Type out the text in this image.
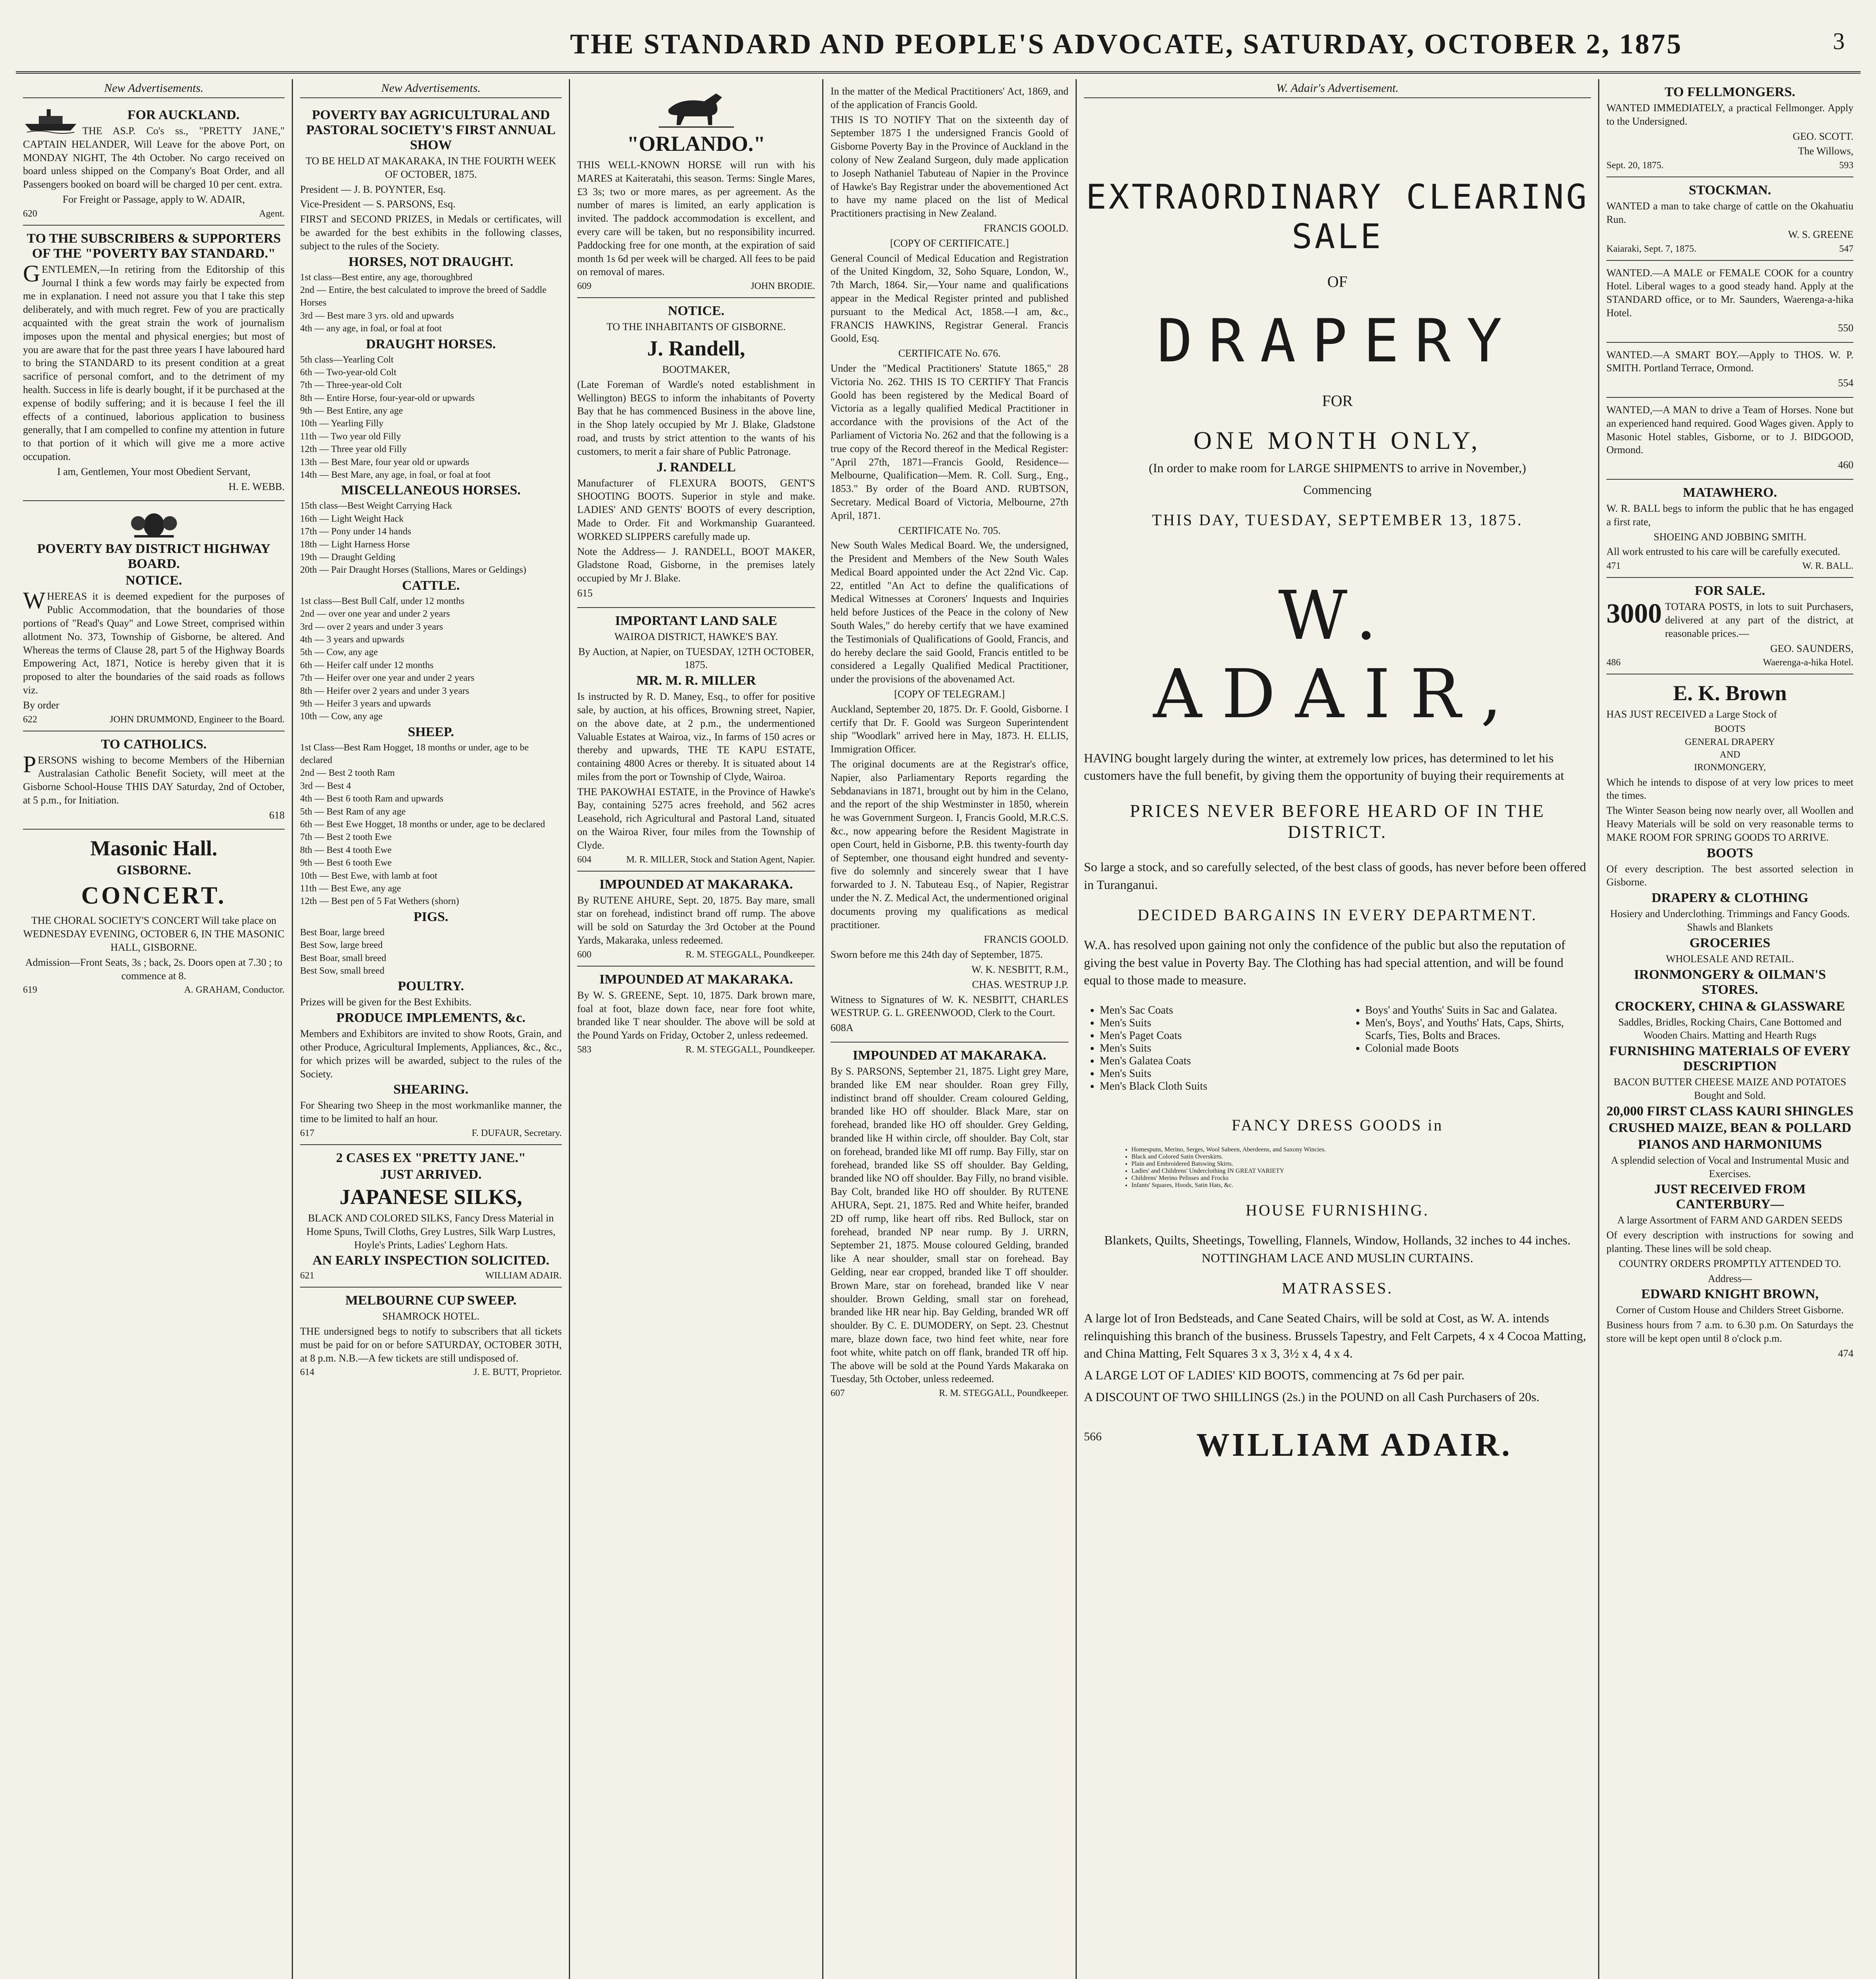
THE STANDARD AND PEOPLE'S ADVOCATE, SATURDAY, OCTOBER 2, 1875	3
New Advertisements.
FOR AUCKLAND.

THE AS.P. Co's ss., "PRETTY JANE," CAPTAIN HELANDER, Will Leave for the above Port, on MONDAY NIGHT, The 4th October. No cargo received on board unless shipped on the Company's Boat Order, and all Passengers booked on board will be charged 10 per cent. extra.

For Freight or Passage, apply to W. ADAIR,

620	Agent.
TO THE SUBSCRIBERS & SUPPORTERS OF THE "POVERTY BAY STANDARD."

GENTLEMEN,—In retiring from the Editorship of this Journal I think a few words may fairly be expected from me in explanation. I need not assure you that I take this step deliberately, and with much regret. Few of you are practically acquainted with the great strain the work of journalism imposes upon the mental and physical energies; but most of you are aware that for the past three years I have laboured hard to bring the STANDARD to its present condition at a great sacrifice of personal comfort, and to the detriment of my health. Success in life is dearly bought, if it be purchased at the expense of bodily suffering; and it is because I feel the ill effects of a continued, laborious application to business generally, that I am compelled to confine my attention in future to that portion of it which will give me a more active occupation.

I am, Gentlemen, Your most Obedient Servant,

H. E. WEBB.

POVERTY BAY DISTRICT HIGHWAY BOARD.
NOTICE.

WHEREAS it is deemed expedient for the purposes of Public Accommodation, that the boundaries of those portions of "Read's Quay" and Lowe Street, comprised within allotment No. 373, Township of Gisborne, be altered. And Whereas the terms of Clause 28, part 5 of the Highway Boards Empowering Act, 1871, Notice is hereby given that it is proposed to alter the boundaries of the said roads as follows viz.

By order

622	JOHN DRUMMOND, Engineer to the Board.
TO CATHOLICS.

PERSONS wishing to become Members of the Hibernian Australasian Catholic Benefit Society, will meet at the Gisborne School-House THIS DAY Saturday, 2nd of October, at 5 p.m., for Initiation.

618

Masonic Hall.
GISBORNE.
CONCERT.

THE CHORAL SOCIETY'S CONCERT Will take place on WEDNESDAY EVENING, OCTOBER 6, IN THE MASONIC HALL, GISBORNE.

Admission—Front Seats, 3s ; back, 2s. Doors open at 7.30 ; to commence at 8.

619	A. GRAHAM, Conductor.
New Advertisements.
POVERTY BAY AGRICULTURAL AND PASTORAL SOCIETY'S FIRST ANNUAL SHOW

TO BE HELD AT MAKARAKA, IN THE FOURTH WEEK OF OCTOBER, 1875.

President — J. B. POYNTER, Esq.

Vice-President — S. PARSONS, Esq.

FIRST and SECOND PRIZES, in Medals or certificates, will be awarded for the best exhibits in the following classes, subject to the rules of the Society.

HORSES, NOT DRAUGHT.
1st class—Best entire, any age, thoroughbred
2nd — Entire, the best calculated to improve the breed of Saddle Horses
3rd — Best mare 3 yrs. old and upwards
4th — any age, in foal, or foal at foot
DRAUGHT HORSES.
5th class—Yearling Colt
6th — Two-year-old Colt
7th — Three-year-old Colt
8th — Entire Horse, four-year-old or upwards
9th — Best Entire, any age
10th — Yearling Filly
11th — Two year old Filly
12th — Three year old Filly
13th — Best Mare, four year old or upwards
14th — Best Mare, any age, in foal, or foal at foot
MISCELLANEOUS HORSES.
15th class—Best Weight Carrying Hack
16th — Light Weight Hack
17th — Pony under 14 hands
18th — Light Harness Horse
19th — Draught Gelding
20th — Pair Draught Horses (Stallions, Mares or Geldings)
CATTLE.
1st class—Best Bull Calf, under 12 months
2nd — over one year and under 2 years
3rd — over 2 years and under 3 years
4th — 3 years and upwards
5th — Cow, any age
6th — Heifer calf under 12 months
7th — Heifer over one year and under 2 years
8th — Heifer over 2 years and under 3 years
9th — Heifer 3 years and upwards
10th — Cow, any age
SHEEP.
1st Class—Best Ram Hogget, 18 months or under, age to be declared
2nd — Best 2 tooth Ram
3rd — Best 4
4th — Best 6 tooth Ram and upwards
5th — Best Ram of any age
6th — Best Ewe Hogget, 18 months or under, age to be declared
7th — Best 2 tooth Ewe
8th — Best 4 tooth Ewe
9th — Best 6 tooth Ewe
10th — Best Ewe, with lamb at foot
11th — Best Ewe, any age
12th — Best pen of 5 Fat Wethers (shorn)
PIGS.
Best Boar, large breed
Best Sow, large breed
Best Boar, small breed
Best Sow, small breed
POULTRY.

Prizes will be given for the Best Exhibits.

PRODUCE IMPLEMENTS, &c.

Members and Exhibitors are invited to show Roots, Grain, and other Produce, Agricultural Implements, Appliances, &c., &c., for which prizes will be awarded, subject to the rules of the Society.

SHEARING.

For Shearing two Sheep in the most workmanlike manner, the time to be limited to half an hour.

617	F. DUFAUR, Secretary.
2 CASES EX "PRETTY JANE."
JUST ARRIVED.
JAPANESE SILKS,

BLACK AND COLORED SILKS, Fancy Dress Material in Home Spuns, Twill Cloths, Grey Lustres, Silk Warp Lustres, Hoyle's Prints, Ladies' Leghorn Hats.

AN EARLY INSPECTION SOLICITED.
621	WILLIAM ADAIR.
MELBOURNE CUP SWEEP.

SHAMROCK HOTEL.

THE undersigned begs to notify to subscribers that all tickets must be paid for on or before SATURDAY, OCTOBER 30TH, at 8 p.m. N.B.—A few tickets are still undisposed of.

614	J. E. BUTT, Proprietor.
"ORLANDO."

THIS WELL-KNOWN HORSE will run with his MARES at Kaiteratahi, this season. Terms: Single Mares, £3 3s; two or more mares, as per agreement. As the number of mares is limited, an early application is invited. The paddock accommodation is excellent, and every care will be taken, but no responsibility incurred. Paddocking free for one month, at the expiration of said month 1s 6d per week will be charged. All fees to be paid on removal of mares.

609	JOHN BRODIE.
NOTICE.

TO THE INHABITANTS OF GISBORNE.

J. Randell,

BOOTMAKER,

(Late Foreman of Wardle's noted establishment in Wellington) BEGS to inform the inhabitants of Poverty Bay that he has commenced Business in the above line, in the Shop lately occupied by Mr J. Blake, Gladstone road, and trusts by strict attention to the wants of his customers, to merit a fair share of Public Patronage.

J. RANDELL

Manufacturer of FLEXURA BOOTS, GENT'S SHOOTING BOOTS. Superior in style and make. LADIES' AND GENTS' BOOTS of every description, Made to Order. Fit and Workmanship Guaranteed. WORKED SLIPPERS carefully made up.

Note the Address— J. RANDELL, BOOT MAKER, Gladstone Road, Gisborne, in the premises lately occupied by Mr J. Blake.

615

IMPORTANT LAND SALE

WAIROA DISTRICT, HAWKE'S BAY.

By Auction, at Napier, on TUESDAY, 12TH OCTOBER, 1875.

MR. M. R. MILLER

Is instructed by R. D. Maney, Esq., to offer for positive sale, by auction, at his offices, Browning street, Napier, on the above date, at 2 p.m., the undermentioned Valuable Estates at Wairoa, viz., In farms of 150 acres or thereby and upwards, THE TE KAPU ESTATE, containing 4800 Acres or thereby. It is situated about 14 miles from the port or Township of Clyde, Wairoa.

THE PAKOWHAI ESTATE, in the Province of Hawke's Bay, containing 5275 acres freehold, and 562 acres Leasehold, rich Agricultural and Pastoral Land, situated on the Wairoa River, four miles from the Township of Clyde.

604	M. R. MILLER, Stock and Station Agent, Napier.
IMPOUNDED AT MAKARAKA.

By RUTENE AHURE, Sept. 20, 1875. Bay mare, small star on forehead, indistinct brand off rump. The above will be sold on Saturday the 3rd October at the Pound Yards, Makaraka, unless redeemed.

600	R. M. STEGGALL, Poundkeeper.
IMPOUNDED AT MAKARAKA.

By W. S. GREENE, Sept. 10, 1875. Dark brown mare, foal at foot, blaze down face, near fore foot white, branded like T near shoulder. The above will be sold at the Pound Yards on Friday, October 2, unless redeemed.

583	R. M. STEGGALL, Poundkeeper.

In the matter of the Medical Practitioners' Act, 1869, and of the application of Francis Goold.

THIS IS TO NOTIFY That on the sixteenth day of September 1875 I the undersigned Francis Goold of Gisborne Poverty Bay in the Province of Auckland in the colony of New Zealand Surgeon, duly made application to Joseph Nathaniel Tabuteau of Napier in the Province of Hawke's Bay Registrar under the abovementioned Act to have my name placed on the list of Medical Practitioners practising in New Zealand.

FRANCIS GOOLD.

[COPY OF CERTIFICATE.]

General Council of Medical Education and Registration of the United Kingdom, 32, Soho Square, London, W., 7th March, 1864. Sir,—Your name and qualifications appear in the Medical Register printed and published pursuant to the Medical Act, 1858.—I am, &c., FRANCIS HAWKINS, Registrar General. Francis Goold, Esq.

CERTIFICATE No. 676.

Under the "Medical Practitioners' Statute 1865," 28 Victoria No. 262. THIS IS TO CERTIFY That Francis Goold has been registered by the Medical Board of Victoria as a legally qualified Medical Practitioner in accordance with the provisions of the Act of the Parliament of Victoria No. 262 and that the following is a true copy of the Record thereof in the Medical Register: "April 27th, 1871—Francis Goold, Residence—Melbourne, Qualification—Mem. R. Coll. Surg., Eng., 1853." By order of the Board AND. RUBTSON, Secretary. Medical Board of Victoria, Melbourne, 27th April, 1871.

CERTIFICATE No. 705.

New South Wales Medical Board. We, the undersigned, the President and Members of the New South Wales Medical Board appointed under the Act 22nd Vic. Cap. 22, entitled "An Act to define the qualifications of Medical Witnesses at Coroners' Inquests and Inquiries held before Justices of the Peace in the colony of New South Wales," do hereby certify that we have examined the Testimonials of Qualifications of Goold, Francis, and do hereby declare the said Goold, Francis entitled to be considered a Legally Qualified Medical Practitioner, under the provisions of the abovenamed Act.

[COPY OF TELEGRAM.]

Auckland, September 20, 1875. Dr. F. Goold, Gisborne. I certify that Dr. F. Goold was Surgeon Superintendent ship "Woodlark" arrived here in May, 1873. H. ELLIS, Immigration Officer.

The original documents are at the Registrar's office, Napier, also Parliamentary Reports regarding the Sebdanavians in 1871, brought out by him in the Celano, and the report of the ship Westminster in 1850, wherein he was Government Surgeon. I, Francis Goold, M.R.C.S. &c., now appearing before the Resident Magistrate in open Court, held in Gisborne, P.B. this twenty-fourth day of September, one thousand eight hundred and seventy-five do solemnly and sincerely swear that I have forwarded to J. N. Tabuteau Esq., of Napier, Registrar under the N. Z. Medical Act, the undermentioned original documents proving my qualifications as medical practitioner.

FRANCIS GOOLD.

Sworn before me this 24th day of September, 1875.

W. K. NESBITT, R.M.,

CHAS. WESTRUP J.P.

Witness to Signatures of W. K. NESBITT, CHARLES WESTRUP. G. L. GREENWOOD, Clerk to the Court.

608A

IMPOUNDED AT MAKARAKA.

By S. PARSONS, September 21, 1875. Light grey Mare, branded like EM near shoulder. Roan grey Filly, indistinct brand off shoulder. Cream coloured Gelding, branded like HO off shoulder. Black Mare, star on forehead, branded like HO off shoulder. Grey Gelding, branded like H within circle, off shoulder. Bay Colt, star on forehead, branded like MI off rump. Bay Filly, star on forehead, branded like SS off shoulder. Bay Gelding, branded like NO off shoulder. Bay Filly, no brand visible. Bay Colt, branded like HO off shoulder. By RUTENE AHURA, Sept. 21, 1875. Red and White heifer, branded 2D off rump, like heart off ribs. Red Bullock, star on forehead, branded NP near rump. By J. URRN, September 21, 1875. Mouse coloured Gelding, branded like A near shoulder, small star on forehead. Bay Gelding, near ear cropped, branded like T off shoulder. Brown Mare, star on forehead, branded like V near shoulder. Brown Gelding, small star on forehead, branded like HR near hip. Bay Gelding, branded WR off shoulder. By C. E. DUMODERY, on Sept. 23. Chestnut mare, blaze down face, two hind feet white, near fore foot white, white patch on off flank, branded TR off hip. The above will be sold at the Pound Yards Makaraka on Tuesday, 5th October, unless redeemed.

607	R. M. STEGGALL, Poundkeeper.
W. Adair's Advertisement.
EXTRAORDINARY CLEARING SALE
OF
DRAPERY
FOR
ONE MONTH ONLY,

(In order to make room for LARGE SHIPMENTS to arrive in November,)

Commencing

THIS DAY, TUESDAY, SEPTEMBER 13, 1875.
W. ADAIR,

HAVING bought largely during the winter, at extremely low prices, has determined to let his customers have the full benefit, by giving them the opportunity of buying their requirements at

PRICES NEVER BEFORE HEARD OF IN THE DISTRICT.

So large a stock, and so carefully selected, of the best class of goods, has never before been offered in Turanganui.

DECIDED BARGAINS IN EVERY DEPARTMENT.

W.A. has resolved upon gaining not only the confidence of the public but also the reputation of giving the best value in Poverty Bay. The Clothing has had special attention, and will be found equal to those made to measure.

• Men's Sac Coats
• Men's Suits
• Men's Paget Coats
• Men's Suits
• Men's Galatea Coats
• Men's Suits
• Men's Black Cloth Suits
• Boys' and Youths' Suits in Sac and Galatea.
• Men's, Boys', and Youths' Hats, Caps, Shirts, Scarfs, Ties, Bolts and Braces.
• Colonial made Boots
FANCY DRESS GOODS in
• Homespuns, Merino, Serges, Wool Sabeen, Aberdeens, and Saxony Wincies.
• Black and Colored Satin Overskirts.
• Plain and Embroidered Batswing Skirts.
• Ladies' and Childrens' Underclothing IN GREAT VARIETY
• Childrens' Merino Pelisses and Frocks
• Infants' Squares, Hoods, Satin Hats, &c.
HOUSE FURNISHING.

Blankets, Quilts, Sheetings, Towelling, Flannels, Window, Hollands, 32 inches to 44 inches. NOTTINGHAM LACE AND MUSLIN CURTAINS.

MATRASSES.

A large lot of Iron Bedsteads, and Cane Seated Chairs, will be sold at Cost, as W. A. intends relinquishing this branch of the business. Brussels Tapestry, and Felt Carpets, 4 x 4 Cocoa Matting, and China Matting, Felt Squares 3 x 3, 3½ x 4, 4 x 4.

A LARGE LOT OF LADIES' KID BOOTS, commencing at 7s 6d per pair.

A DISCOUNT OF TWO SHILLINGS (2s.) in the POUND on all Cash Purchasers of 20s.

566	WILLIAM ADAIR.
TO FELLMONGERS.

WANTED IMMEDIATELY, a practical Fellmonger. Apply to the Undersigned.

GEO. SCOTT.

The Willows,

Sept. 20, 1875.	593
STOCKMAN.

WANTED a man to take charge of cattle on the Okahuatiu Run.

W. S. GREENE

Kaiaraki, Sept. 7, 1875.	547

WANTED.—A MALE or FEMALE COOK for a country Hotel. Liberal wages to a good steady hand. Apply at the STANDARD office, or to Mr. Saunders, Waerenga-a-hika Hotel.

550

WANTED.—A SMART BOY.—Apply to THOS. W. P. SMITH. Portland Terrace, Ormond.

554

WANTED,—A MAN to drive a Team of Horses. None but an experienced hand required. Good Wages given. Apply to Masonic Hotel stables, Gisborne, or to J. BIDGOOD, Ormond.

460

MATAWHERO.

W. R. BALL begs to inform the public that he has engaged a first rate,

SHOEING AND JOBBING SMITH.

All work entrusted to his care will be carefully executed.

471	W. R. BALL.
FOR SALE.

3000 TOTARA POSTS, in lots to suit Purchasers, delivered at any part of the district, at reasonable prices.—

GEO. SAUNDERS,

486	Waerenga-a-hika Hotel.
E. K. Brown

HAS JUST RECEIVED a Large Stock of

BOOTS
GENERAL DRAPERY
AND
IRONMONGERY,

Which he intends to dispose of at very low prices to meet the times.

The Winter Season being now nearly over, all Woollen and Heavy Materials will be sold on very reasonable terms to MAKE ROOM FOR SPRING GOODS TO ARRIVE.

BOOTS

Of every description. The best assorted selection in Gisborne.

DRAPERY & CLOTHING

Hosiery and Underclothing. Trimmings and Fancy Goods. Shawls and Blankets

GROCERIES

WHOLESALE AND RETAIL.

IRONMONGERY & OILMAN'S STORES.
CROCKERY, CHINA & GLASSWARE

Saddles, Bridles, Rocking Chairs, Cane Bottomed and Wooden Chairs. Matting and Hearth Rugs

FURNISHING MATERIALS OF EVERY DESCRIPTION

BACON BUTTER CHEESE MAIZE AND POTATOES Bought and Sold.

20,000 FIRST CLASS KAURI SHINGLES
CRUSHED MAIZE, BEAN & POLLARD
PIANOS AND HARMONIUMS

A splendid selection of Vocal and Instrumental Music and Exercises.

JUST RECEIVED FROM CANTERBURY—

A large Assortment of FARM AND GARDEN SEEDS

Of every description with instructions for sowing and planting. These lines will be sold cheap.

COUNTRY ORDERS PROMPTLY ATTENDED TO.

Address—

EDWARD KNIGHT BROWN,

Corner of Custom House and Childers Street Gisborne.

Business hours from 7 a.m. to 6.30 p.m. On Saturdays the store will be kept open until 8 o'clock p.m.

474
